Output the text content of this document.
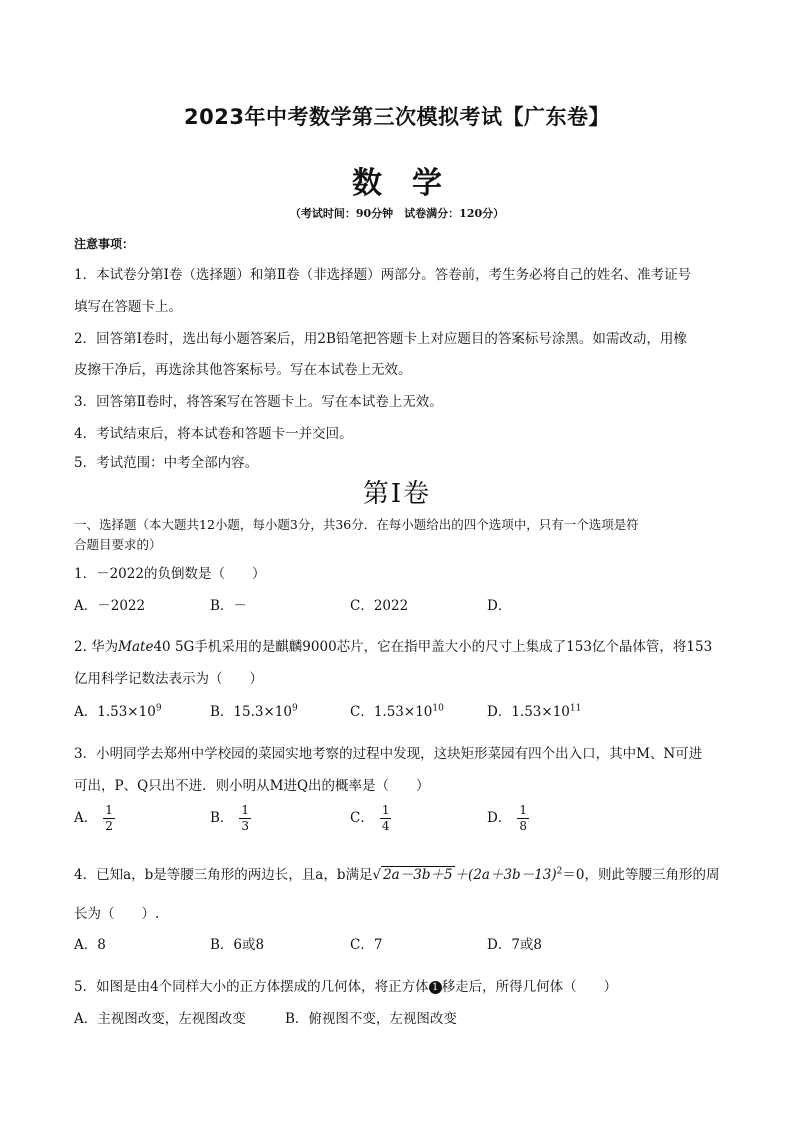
2023年中考数学第三次模拟考试【广东卷】
数学
（考试时间：90分钟　试卷满分：120分）
注意事项：
1．本试卷分第Ⅰ卷（选择题）和第Ⅱ卷（非选择题）两部分。答卷前，考生务必将自己的姓名、准考证号
填写在答题卡上。
2．回答第Ⅰ卷时，选出每小题答案后，用2B铅笔把答题卡上对应题目的答案标号涂黑。如需改动，用橡
皮擦干净后，再选涂其他答案标号。写在本试卷上无效。
3．回答第Ⅱ卷时，将答案写在答题卡上。写在本试卷上无效。
4．考试结束后，将本试卷和答题卡一并交回。
5．考试范围：中考全部内容。
第Ⅰ卷
一、选择题（本大题共12小题，每小题3分，共36分．在每小题给出的四个选项中，只有一个选项是符
合题目要求的）
1．－2022的负倒数是（　　）
A．－2022	B．－	C．2022	D．
2. 华为Mate40 5G手机采用的是麒麟9000芯片，它在指甲盖大小的尺寸上集成了153亿个晶体管，将153
亿用科学记数法表示为（　　）
A．$1.53\times 10^9$	B．$15.3\times 10^9$	C．$1.53\times 10^{10}$	D．$1.53\times 10^{11}$
3．小明同学去郑州中学校园的菜园实地考察的过程中发现，这块矩形菜园有四个出入口，其中M、N可进
可出，P、Q只出不进．则小明从M进Q出的概率是（　　）
A． $\frac{1}{2}$	B． $\frac{1}{3}$	C． $\frac{1}{4}$	D． $\frac{1}{8}$
4．已知a，b是等腰三角形的两边长，且a，b满足√ $2a-3b+5 +(2a+3b-13)^2=0$，则此等腰三角形的周
长为（　　）.
A．8	B．6或8	C．7	D．7或8
5．如图是由4个同样大小的正方体摆成的几何体，将正方体 1 移走后，所得几何体（　　）
A．主视图改变，左视图改变	B．俯视图不变，左视图改变
